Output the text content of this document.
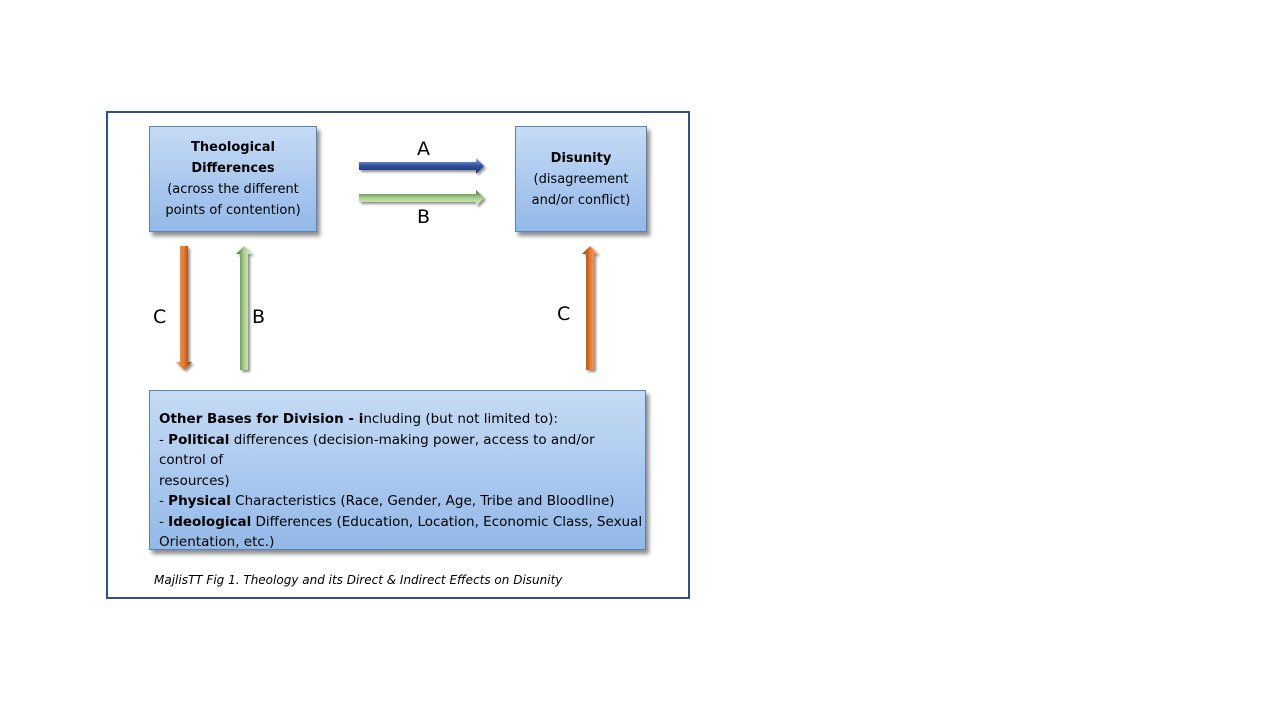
Theological
Differences
(across the different
points of contention)
Disunity
(disagreement
and/or conflict)
Other Bases for Division - including (but not limited to):
- Political differences (decision-making power, access to and/or control of
resources)
- Physical Characteristics (Race, Gender, Age, Tribe and Bloodline)
- Ideological Differences (Education, Location, Economic Class, Sexual
Orientation, etc.)
A
B
C	B	C
MajlisTT Fig 1. Theology and its Direct & Indirect Effects on Disunity
